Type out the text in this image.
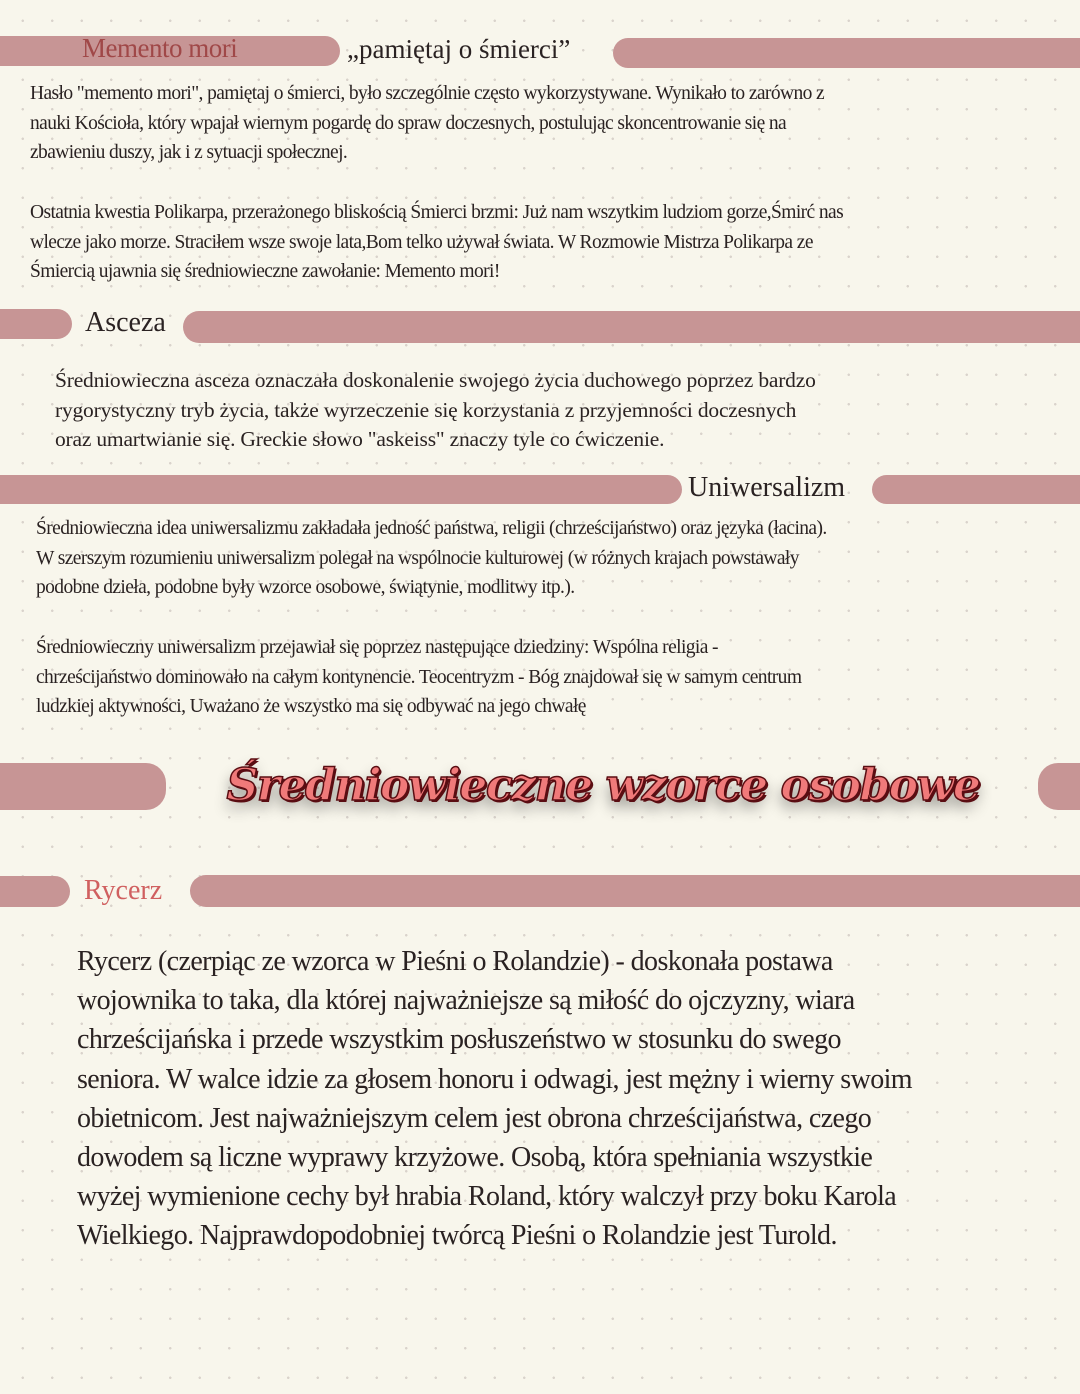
Memento mori	„pamiętaj o śmierci”
Hasło "memento mori", pamiętaj o śmierci, było szczególnie często wykorzystywane. Wynikało to zarówno z
nauki Kościoła, który wpajał wiernym pogardę do spraw doczesnych, postulując skoncentrowanie się na
zbawieniu duszy, jak i z sytuacji społecznej.
Ostatnia kwestia Polikarpa, przerażonego bliskością Śmierci brzmi: Już nam wszytkim ludziom gorze,Śmirć nas
wlecze jako morze. Straciłem wsze swoje lata,Bom telko używał świata. W Rozmowie Mistrza Polikarpa ze
Śmiercią ujawnia się średniowieczne zawołanie: Memento mori!
Asceza
Średniowieczna asceza oznaczała doskonalenie swojego życia duchowego poprzez bardzo
rygorystyczny tryb życia, także wyrzeczenie się korzystania z przyjemności doczesnych
oraz umartwianie się. Greckie słowo "askeiss" znaczy tyle co ćwiczenie.
Uniwersalizm
Średniowieczna idea uniwersalizmu zakładała jedność państwa, religii (chrześcijaństwo) oraz języka (łacina).
W szerszym rozumieniu uniwersalizm polegał na wspólnocie kulturowej (w różnych krajach powstawały
podobne dzieła, podobne były wzorce osobowe, świątynie, modlitwy itp.).
Średniowieczny uniwersalizm przejawiał się poprzez następujące dziedziny: Wspólna religia -
chrześcijaństwo dominowało na całym kontynencie. Teocentryzm - Bóg znajdował się w samym centrum
ludzkiej aktywności, Uważano że wszystko ma się odbywać na jego chwałę
Średniowieczne wzorce osobowe
Rycerz
Rycerz (czerpiąc ze wzorca w Pieśni o Rolandzie) - doskonała postawa
wojownika to taka, dla której najważniejsze są miłość do ojczyzny, wiara
chrześcijańska i przede wszystkim posłuszeństwo w stosunku do swego
seniora. W walce idzie za głosem honoru i odwagi, jest mężny i wierny swoim
obietnicom. Jest najważniejszym celem jest obrona chrześcijaństwa, czego
dowodem są liczne wyprawy krzyżowe. Osobą, która spełniania wszystkie
wyżej wymienione cechy był hrabia Roland, który walczył przy boku Karola
Wielkiego. Najprawdopodobniej twórcą Pieśni o Rolandzie jest Turold.
